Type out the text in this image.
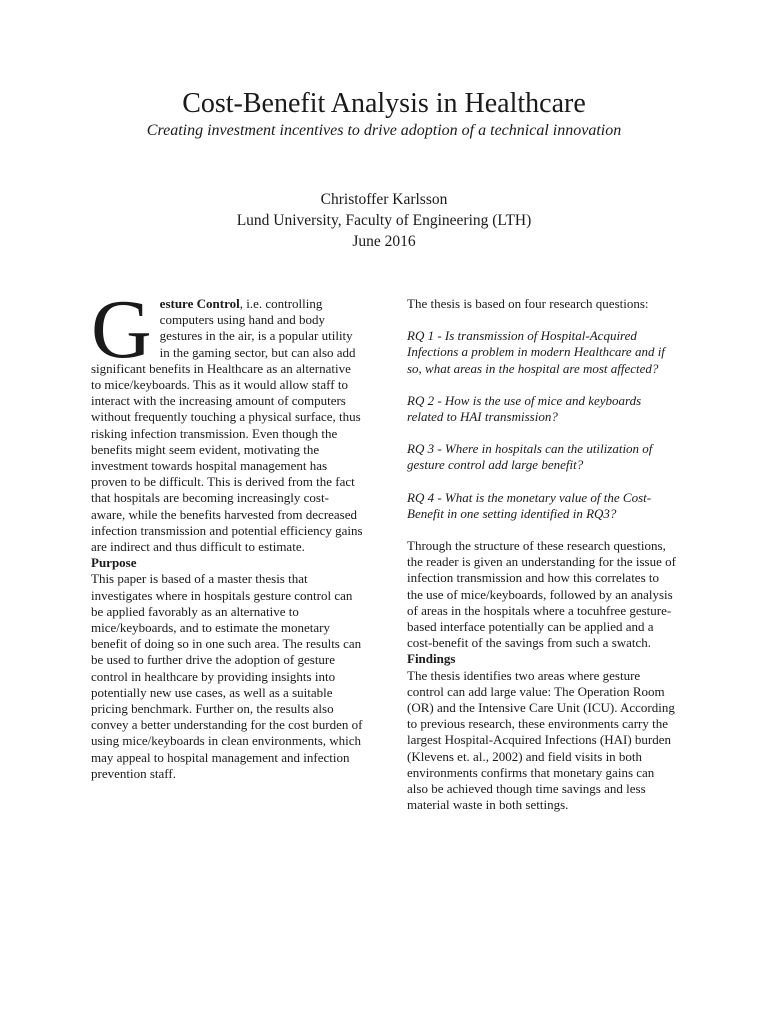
Cost-Benefit Analysis in Healthcare
Creating investment incentives to drive adoption of a technical innovation
Christoffer Karlsson
Lund University, Faculty of Engineering (LTH)
June 2016

Gesture Control, i.e. controlling computers using hand and body gestures in the air, is a popular utility in the gaming sector, but can also add significant benefits in Healthcare as an alternative to mice/keyboards. This as it would allow staff to interact with the increasing amount of computers without frequently touching a physical surface, thus risking infection transmission. Even though the benefits might seem evident, motivating the investment towards hospital management has proven to be difficult. This is derived from the fact that hospitals are becoming increasingly cost-aware, while the benefits harvested from decreased infection transmission and potential efficiency gains are indirect and thus difficult to estimate.

Purpose

This paper is based of a master thesis that investigates where in hospitals gesture control can be applied favorably as an alternative to mice/keyboards, and to estimate the monetary benefit of doing so in one such area. The results can be used to further drive the adoption of gesture control in healthcare by providing insights into potentially new use cases, as well as a suitable pricing benchmark. Further on, the results also convey a better understanding for the cost burden of using mice/keyboards in clean environments, which may appeal to hospital management and infection prevention staff.

The thesis is based on four research questions:

RQ 1 - Is transmission of Hospital-Acquired Infections a problem in modern Healthcare and if so, what areas in the hospital are most affected?

RQ 2 - How is the use of mice and keyboards related to HAI transmission?

RQ 3 - Where in hospitals can the utilization of gesture control add large benefit?

RQ 4 - What is the monetary value of the Cost-Benefit in one setting identified in RQ3?

Through the structure of these research questions, the reader is given an understanding for the issue of infection transmission and how this correlates to the use of mice/keyboards, followed by an analysis of areas in the hospitals where a tocuhfree gesture-based interface potentially can be applied and a cost-benefit of the savings from such a swatch.

Findings

The thesis identifies two areas where gesture control can add large value: The Operation Room (OR) and the Intensive Care Unit (ICU). According to previous research, these environments carry the largest Hospital-Acquired Infections (HAI) burden (Klevens et. al., 2002) and field visits in both environments confirms that monetary gains can also be achieved though time savings and less material waste in both settings.
